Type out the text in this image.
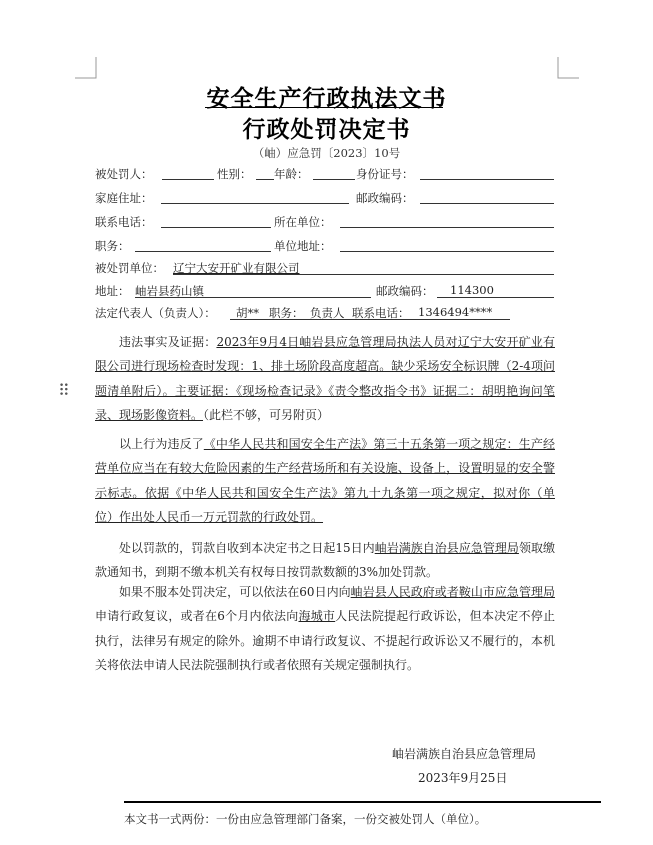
安全生产行政执法文书
行政处罚决定书
（岫）应急罚〔2023〕10号
被处罚人：	性别： 年龄：	身份证号：
家庭住址：	邮政编码：
联系电话：	所在单位：
职务：	单位地址：
被处罚单位： 辽宁大安开矿业有限公司
地址： 岫岩县药山镇	邮政编码： 114300
法定代表人（负责人）： 胡** 职务： 负责人 联系电话： 1346494****
⠿
违法事实及证据：2023年9月4日岫岩县应急管理局执法人员对辽宁大安开矿业有限公司进行现场检查时发现：1、排土场阶段高度超高。缺少采场安全标识牌（2-4项问题清单附后）。主要证据：《现场检查记录》《责令整改指令书》证据二：胡明艳询问笔录、现场影像资料。（此栏不够，可另附页）
以上行为违反了《中华人民共和国安全生产法》第三十五条第一项之规定：生产经营单位应当在有较大危险因素的生产经营场所和有关设施、设备上，设置明显的安全警示标志。依据《中华人民共和国安全生产法》第九十九条第一项之规定，拟对你（单位）作出处人民币一万元罚款的行政处罚。
处以罚款的，罚款自收到本决定书之日起15日内岫岩满族自治县应急管理局领取缴款通知书，到期不缴本机关有权每日按罚款数额的3%加处罚款。
如果不服本处罚决定，可以依法在60日内向岫岩县人民政府或者鞍山市应急管理局申请行政复议，或者在6个月内依法向海城市人民法院提起行政诉讼，但本决定不停止执行，法律另有规定的除外。逾期不申请行政复议、不提起行政诉讼又不履行的，本机关将依法申请人民法院强制执行或者依照有关规定强制执行。
岫岩满族自治县应急管理局
2023年9月25日
本文书一式两份：一份由应急管理部门备案，一份交被处罚人（单位）。
